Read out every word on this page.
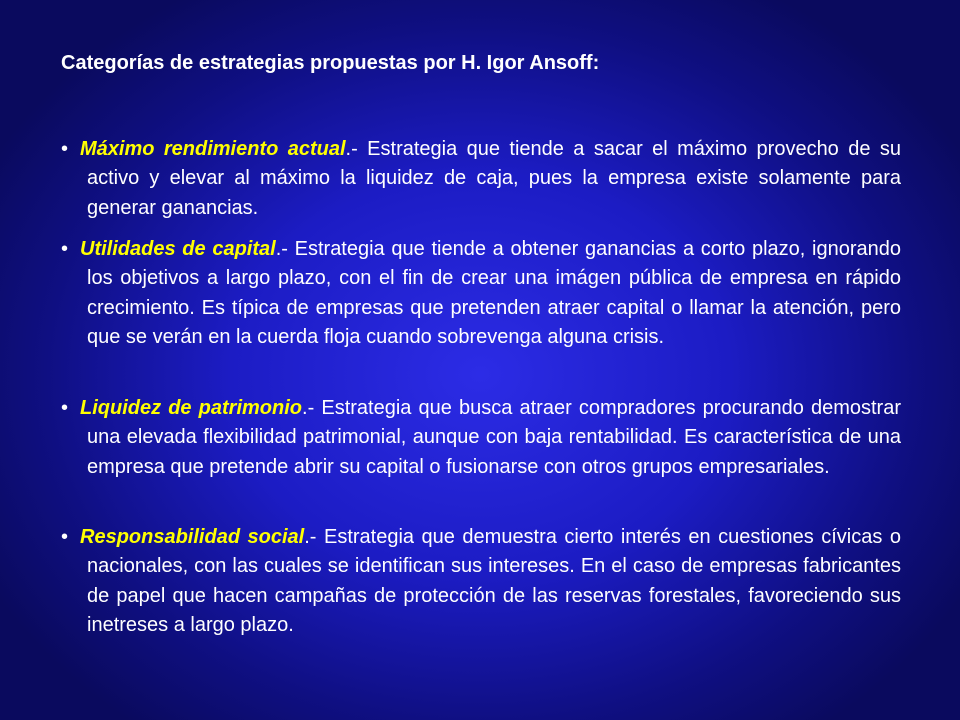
Categorías de estrategias propuestas por H. Igor Ansoff:
• Máximo rendimiento actual.- Estrategia que tiende a sacar el máximo provecho de su activo y elevar al máximo la liquidez de caja, pues la empresa existe solamente para generar ganancias.
• Utilidades de capital.- Estrategia que tiende a obtener ganancias a corto plazo, ignorando los objetivos a largo plazo, con el fin de crear una imágen pública de empresa en rápido crecimiento. Es típica de empresas que pretenden atraer capital o llamar la atención, pero que se verán en la cuerda floja cuando sobrevenga alguna crisis.
• Liquidez de patrimonio.- Estrategia que busca atraer compradores procurando demostrar una elevada flexibilidad patrimonial, aunque con baja rentabilidad. Es característica de una empresa que pretende abrir su capital o fusionarse con otros grupos empresariales.
• Responsabilidad social.- Estrategia que demuestra cierto interés en cuestiones cívicas o nacionales, con las cuales se identifican sus intereses. En el caso de empresas fabricantes de papel que hacen campañas de protección de las reservas forestales, favoreciendo sus inetreses a largo plazo.
